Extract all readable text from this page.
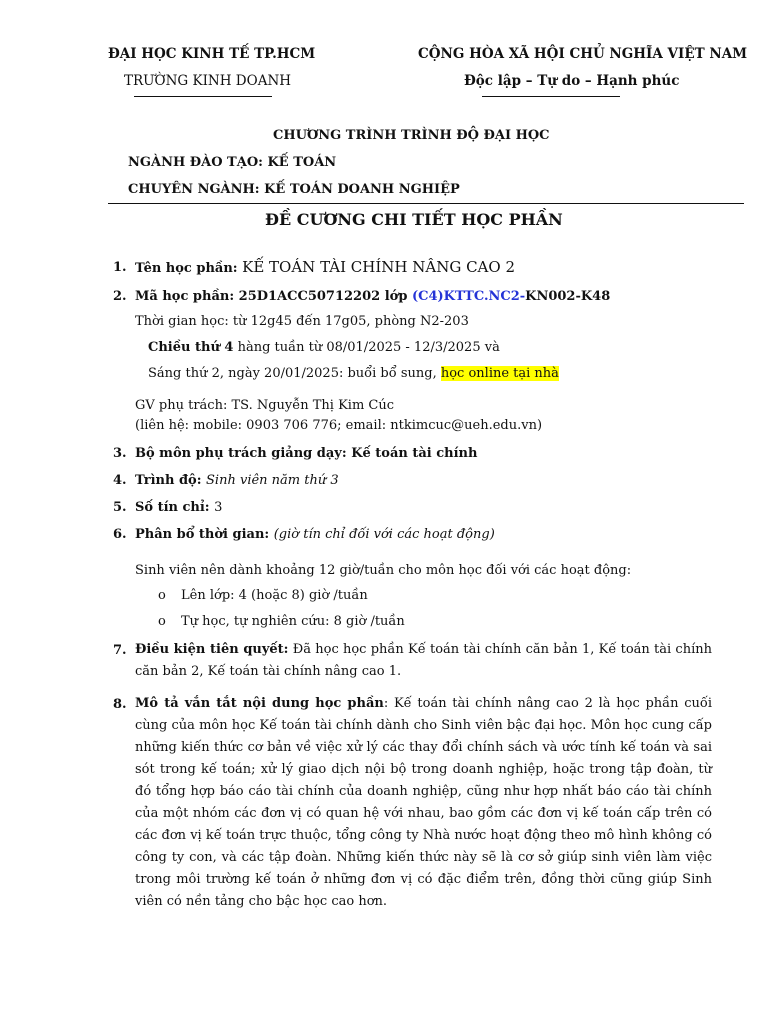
ĐẠI HỌC KINH TẾ TP.HCM
TRƯỜNG KINH DOANH
CỘNG HÒA XÃ HỘI CHỦ NGHĨA VIỆT NAM
Độc lập – Tự do – Hạnh phúc
CHƯƠNG TRÌNH TRÌNH ĐỘ ĐẠI HỌC
NGÀNH ĐÀO TẠO: KẾ TOÁN
CHUYÊN NGÀNH: KẾ TOÁN DOANH NGHIỆP
ĐỀ CƯƠNG CHI TIẾT HỌC PHẦN
1. Tên học phần: KẾ TOÁN TÀI CHÍNH NÂNG CAO 2
2. Mã học phần: 25D1ACC50712202 lớp (C4)KTTC.NC2-KN002-K48
Thời gian học: từ 12g45 đến 17g05, phòng N2-203
Chiều thứ 4 hàng tuần từ 08/01/2025 - 12/3/2025 và
Sáng thứ 2, ngày 20/01/2025: buổi bổ sung, học online tại nhà
GV phụ trách: TS. Nguyễn Thị Kim Cúc
(liên hệ: mobile: 0903 706 776; email: ntkimcuc@ueh.edu.vn)
3. Bộ môn phụ trách giảng dạy: Kế toán tài chính
4. Trình độ: Sinh viên năm thứ 3
5. Số tín chỉ: 3
6. Phân bổ thời gian: (giờ tín chỉ đối với các hoạt động)
Sinh viên nên dành khoảng 12 giờ/tuần cho môn học đối với các hoạt động:
o Lên lớp: 4 (hoặc 8) giờ /tuần
o Tự học, tự nghiên cứu: 8 giờ /tuần
7. Điều kiện tiên quyết: Đã học học phần Kế toán tài chính căn bản 1, Kế toán tài chính căn bản 2, Kế toán tài chính nâng cao 1.
8. Mô tả vắn tắt nội dung học phần: Kế toán tài chính nâng cao 2 là học phần cuối cùng của môn học Kế toán tài chính dành cho Sinh viên bậc đại học. Môn học cung cấp những kiến thức cơ bản về việc xử lý các thay đổi chính sách và ước tính kế toán và sai sót trong kế toán; xử lý giao dịch nội bộ trong doanh nghiệp, hoặc trong tập đoàn, từ đó tổng hợp báo cáo tài chính của doanh nghiệp, cũng như hợp nhất báo cáo tài chính của một nhóm các đơn vị có quan hệ với nhau, bao gồm các đơn vị kế toán cấp trên có các đơn vị kế toán trực thuộc, tổng công ty Nhà nước hoạt động theo mô hình không có công ty con, và các tập đoàn. Những kiến thức này sẽ là cơ sở giúp sinh viên làm việc trong môi trường kế toán ở những đơn vị có đặc điểm trên, đồng thời cũng giúp Sinh viên có nền tảng cho bậc học cao hơn.
